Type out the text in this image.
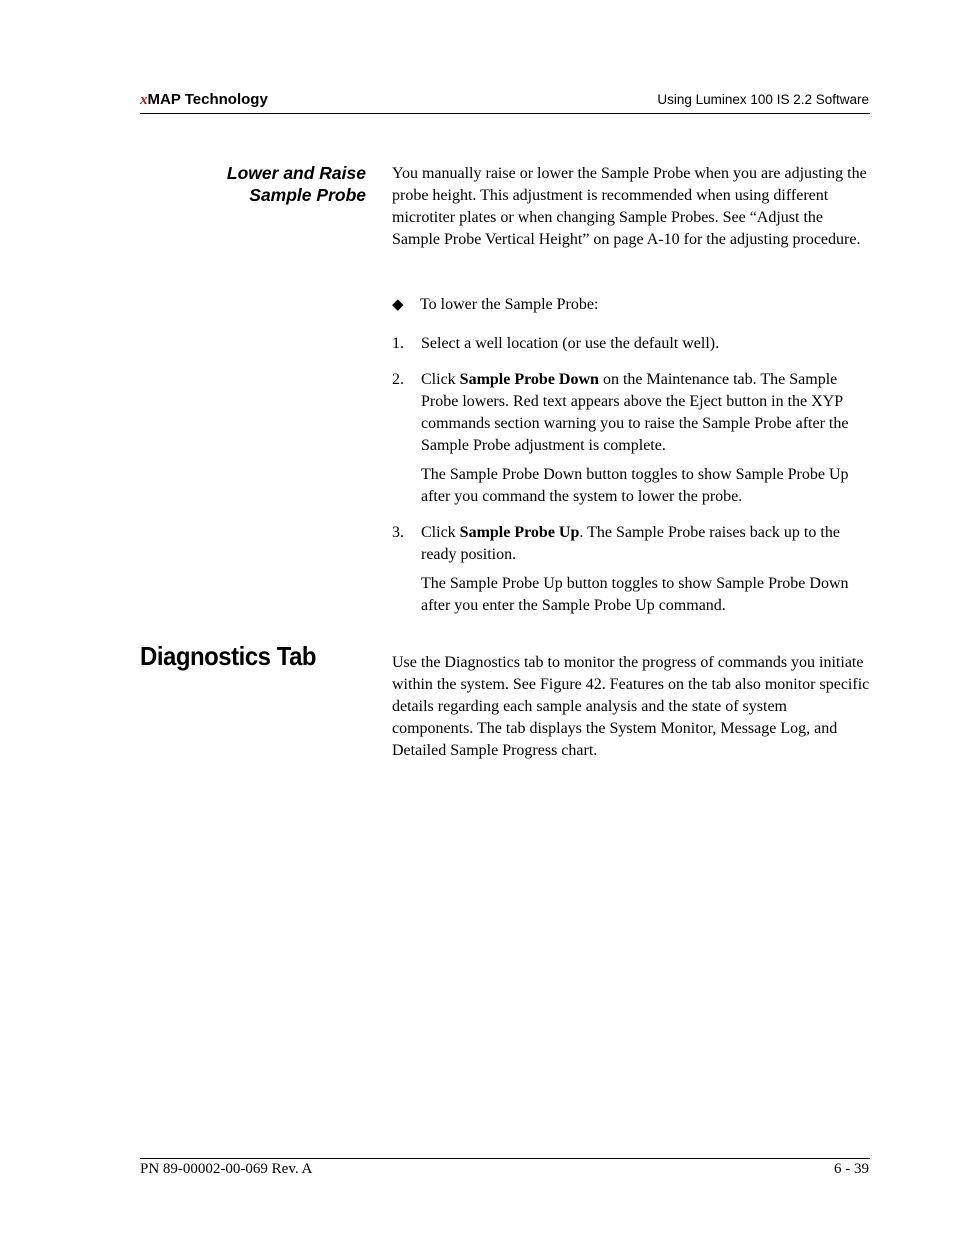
xMAP Technology	Using Luminex 100 IS 2.2 Software
Lower and Raise
Sample Probe

You manually raise or lower the Sample Probe when you are adjusting the probe height. This adjustment is recommended when using different microtiter plates or when changing Sample Probes. See “Adjust the Sample Probe Vertical Height” on page A-10 for the adjusting procedure.

◆ To lower the Sample Probe:
1. Select a well location (or use the default well).

2. Click Sample Probe Down on the Maintenance tab. The Sample Probe lowers. Red text appears above the Eject button in the XYP commands section warning you to raise the Sample Probe after the Sample Probe adjustment is complete.

The Sample Probe Down button toggles to show Sample Probe Up after you command the system to lower the probe.

3. Click Sample Probe Up. The Sample Probe raises back up to the ready position.

The Sample Probe Up button toggles to show Sample Probe Down after you enter the Sample Probe Up command.

Diagnostics Tab	Use the Diagnostics tab to monitor the progress of commands you initiate within the system. See Figure 42. Features on the tab also monitor specific details regarding each sample analysis and the state of system components. The tab displays the System Monitor, Message Log, and Detailed Sample Progress chart.

PN 89-00002-00-069 Rev. A	6 - 39
